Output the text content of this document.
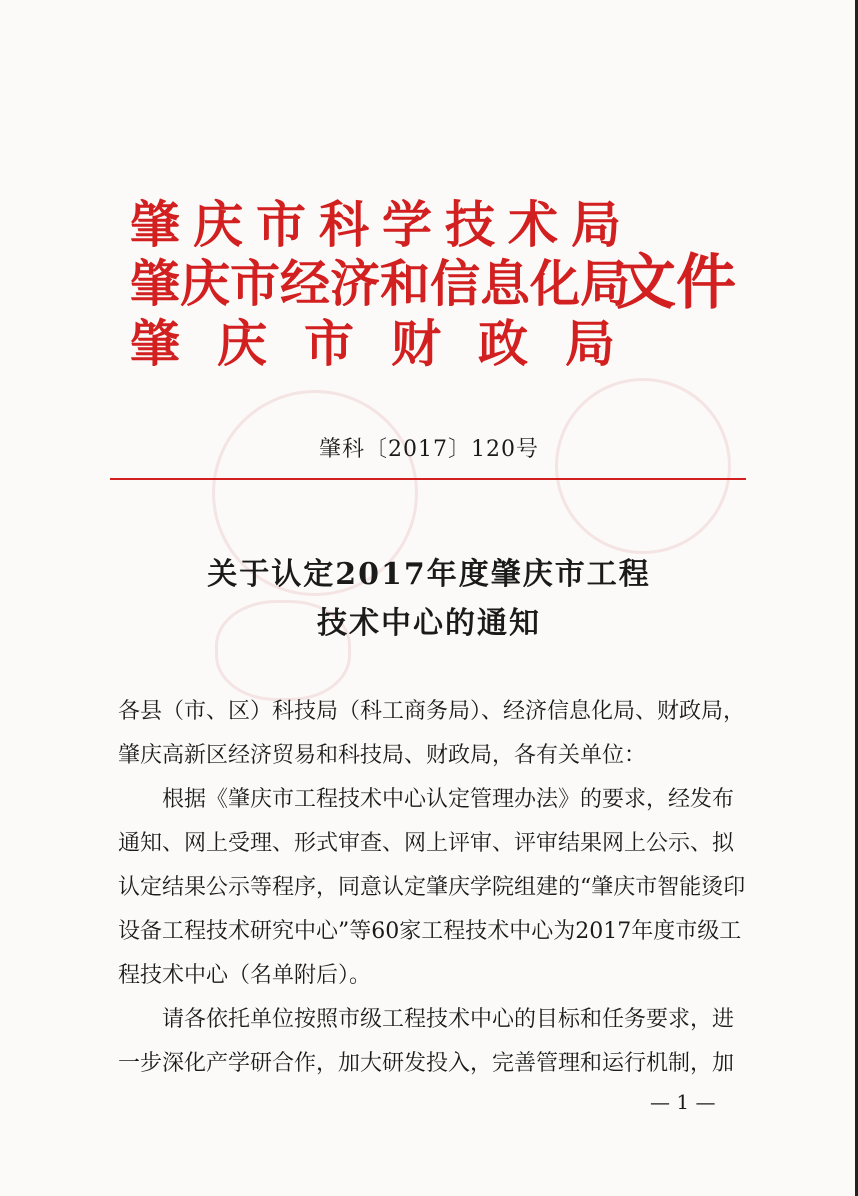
肇庆市科学技术局
肇庆市经济和信息化局
肇庆市财政局
文件
肇科〔2017〕120号
关于认定2017年度肇庆市工程
技术中心的通知
各县（市、区）科技局（科工商务局）、经济信息化局、财政局，肇庆高新区经济贸易和科技局、财政局，各有关单位：
根据《肇庆市工程技术中心认定管理办法》的要求，经发布通知、网上受理、形式审查、网上评审、评审结果网上公示、拟认定结果公示等程序，同意认定肇庆学院组建的“肇庆市智能烫印设备工程技术研究中心”等60家工程技术中心为2017年度市级工程技术中心（名单附后）。
请各依托单位按照市级工程技术中心的目标和任务要求，进一步深化产学研合作，加大研发投入，完善管理和运行机制，加
— 1 —
